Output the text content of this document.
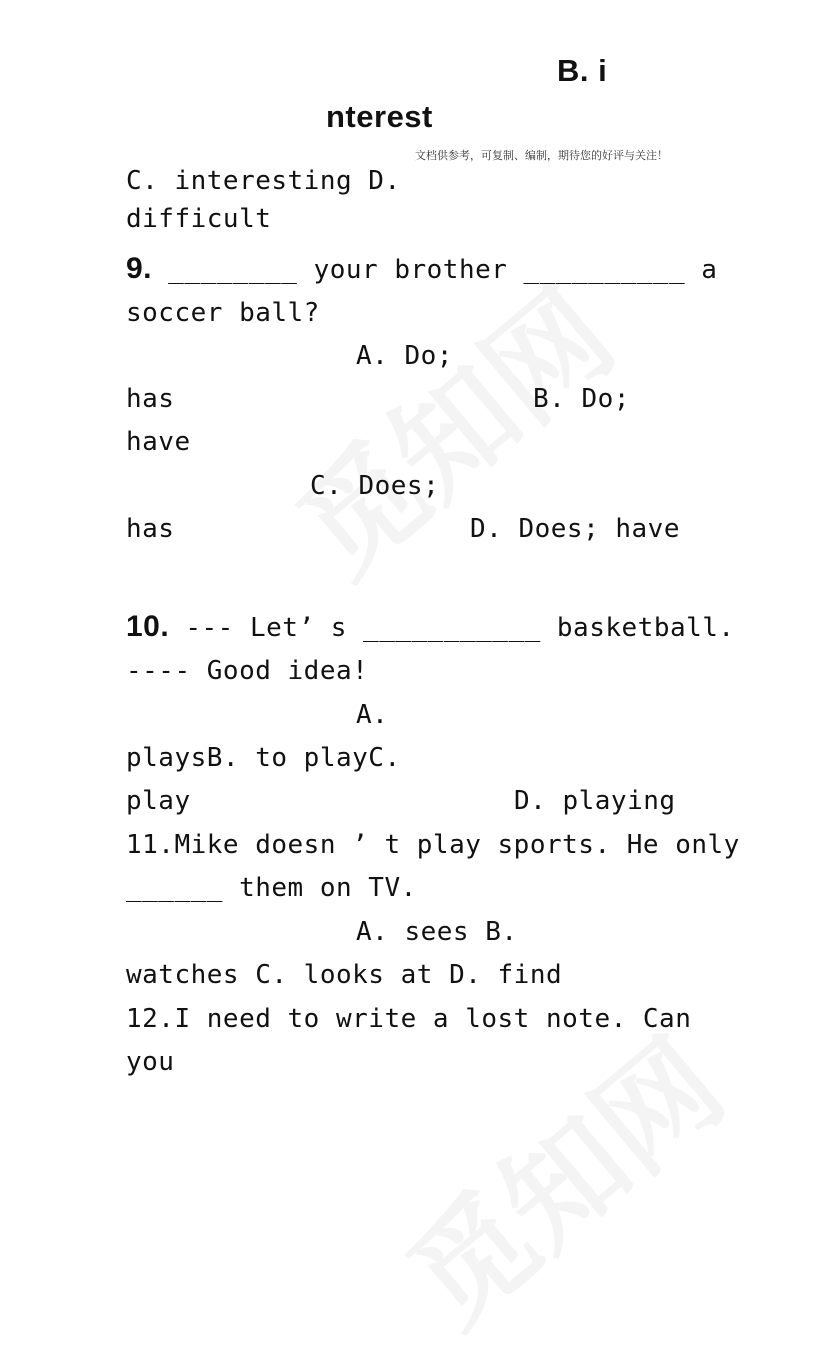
B. i
nterest
文档供参考，可复制、编制，期待您的好评与关注！
C. interesting D.
difficult
9. ________ your brother __________ a
soccer ball?
A. Do;
has	B. Do;
have
C. Does;
has	D. Does; have
10. --- Let’ s ___________ basketball.
---- Good idea!
A.
playsB. to playC.
play	D. playing
11.Mike doesn ’ t play sports. He only
______ them on TV.
A. sees B.
watches C. looks at D. find
12.I need to write a lost note. Can
you
